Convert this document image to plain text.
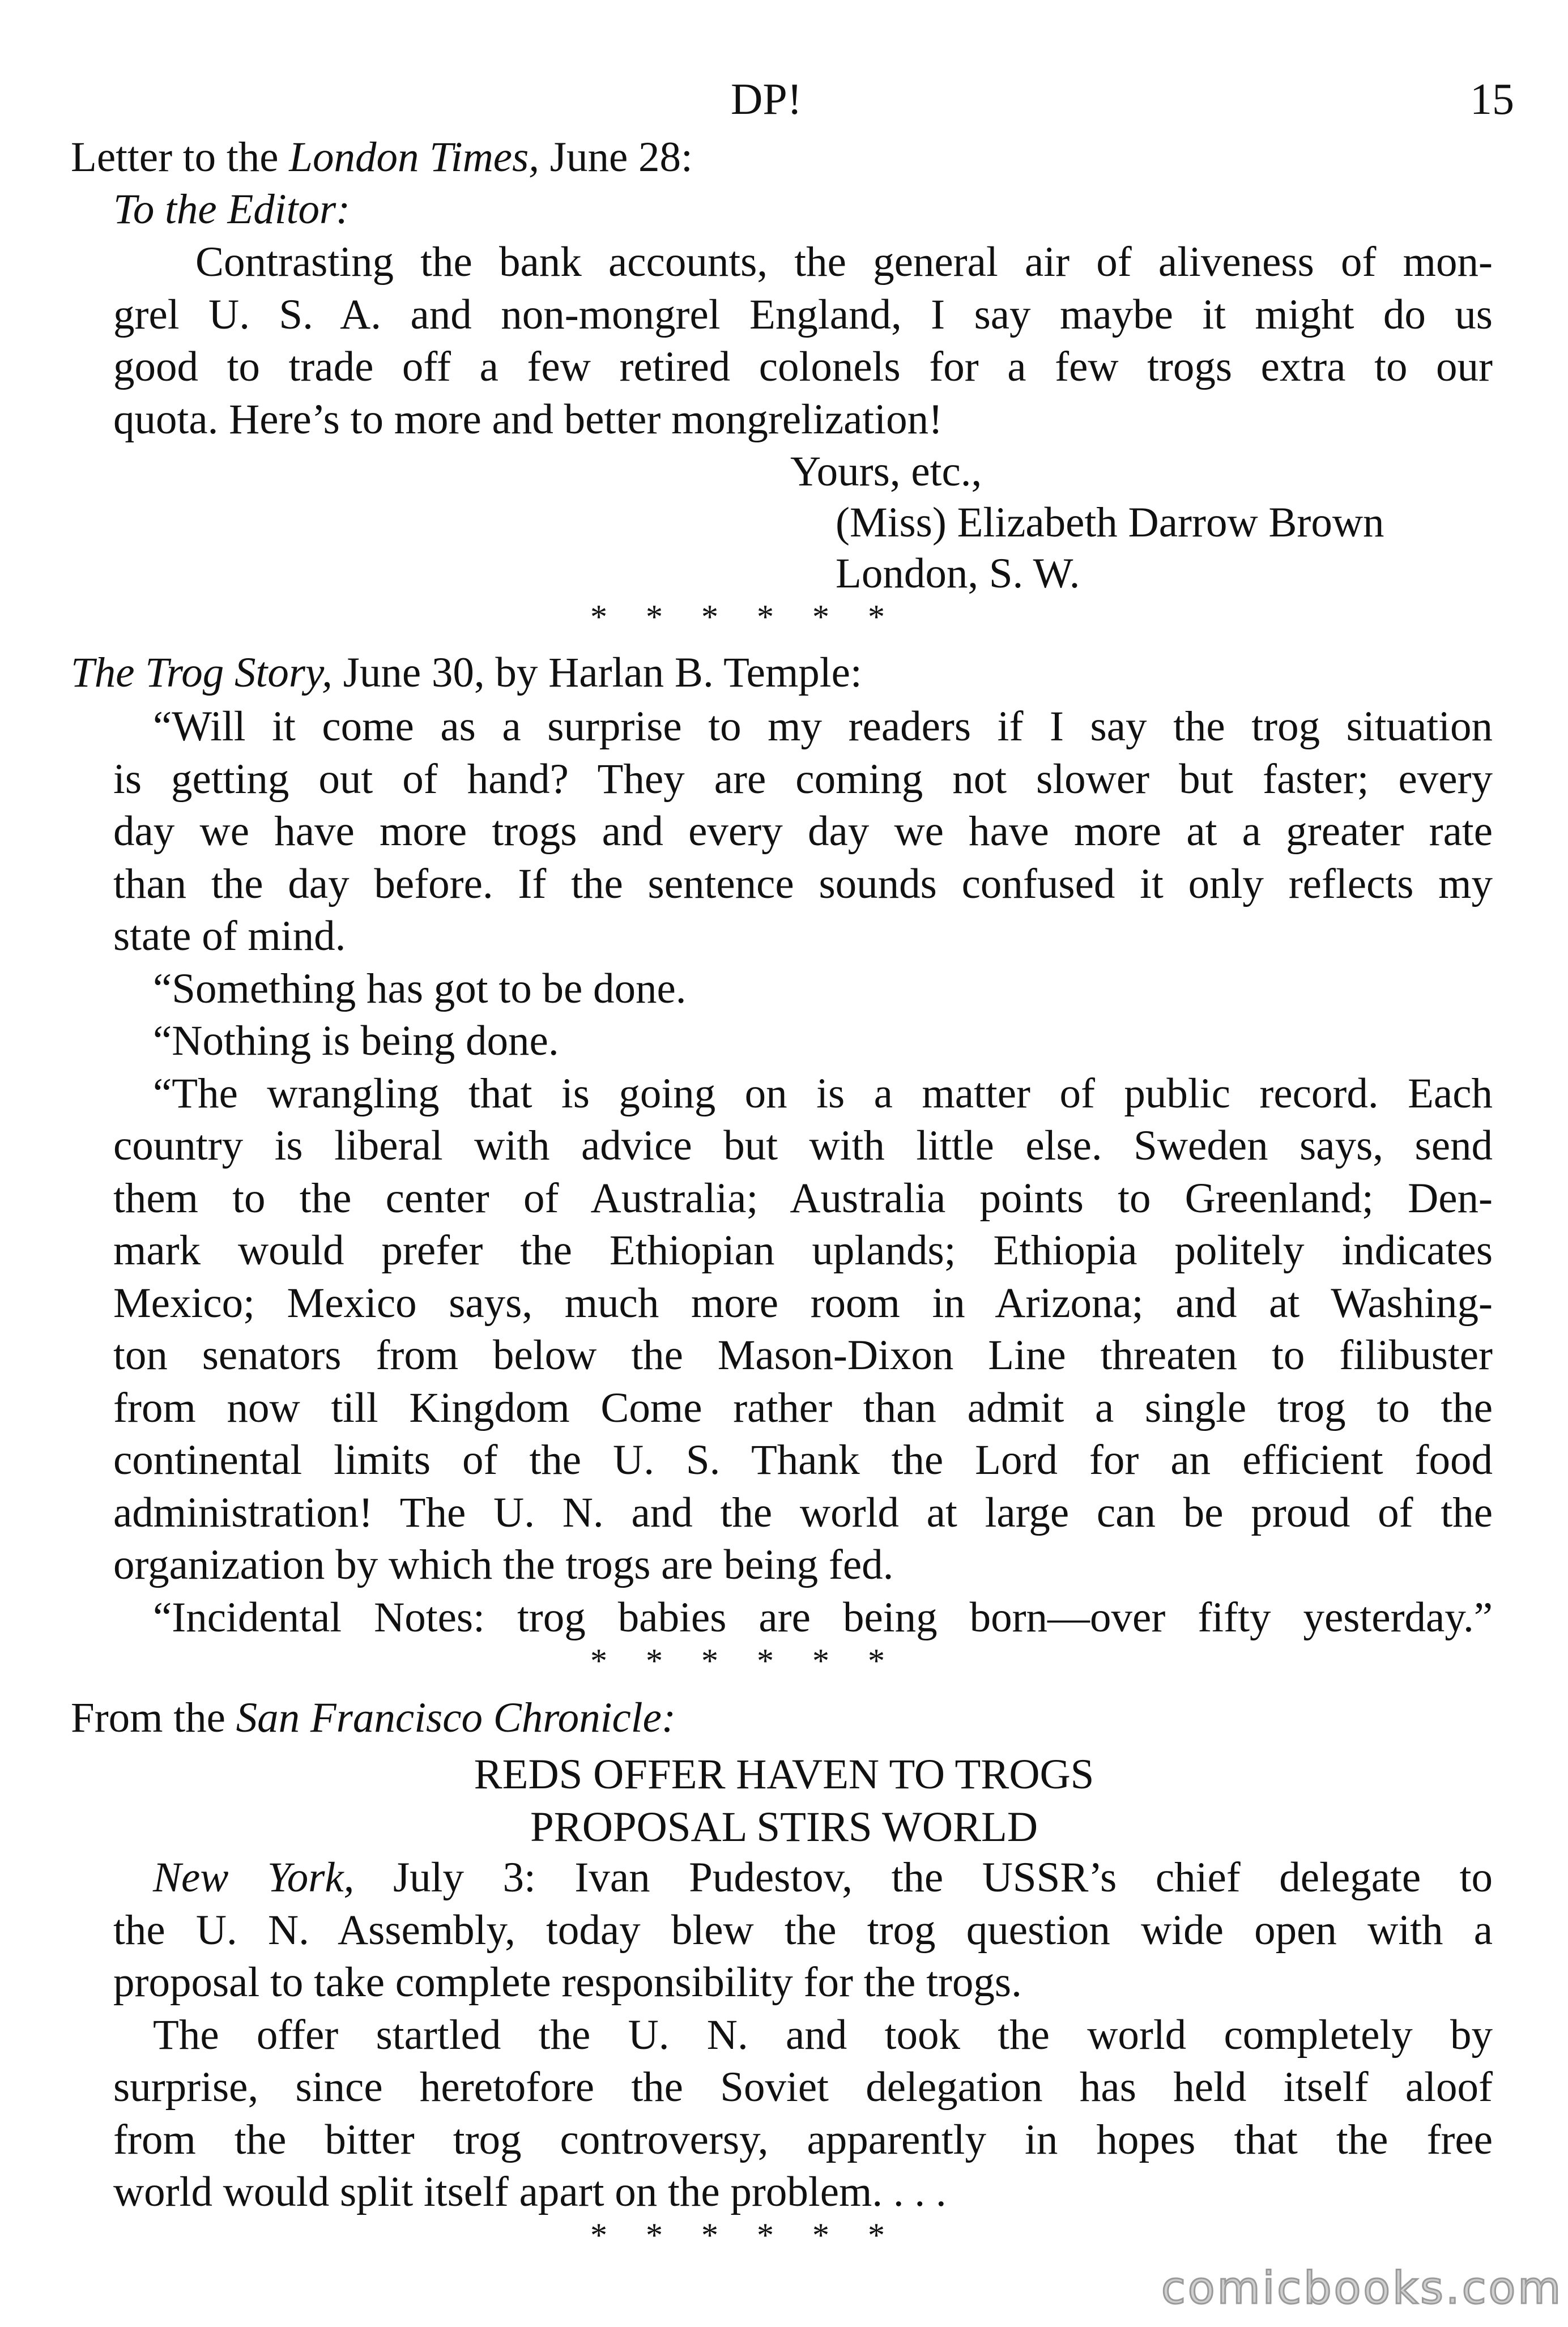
DP!	15
Letter to the London Times, June 28:
To the Editor:
Contrasting the bank accounts, the general air of aliveness of mon-
grel U. S. A. and non-mongrel England, I say maybe it might do us
good to trade off a few retired colonels for a few trogs extra to our
quota. Here’s to more and better mongrelization!
Yours, etc.,
(Miss) Elizabeth Darrow Brown
London, S. W.
* * * * * *
The Trog Story, June 30, by Harlan B. Temple:
“Will it come as a surprise to my readers if I say the trog situation
is getting out of hand? They are coming not slower but faster; every
day we have more trogs and every day we have more at a greater rate
than the day before. If the sentence sounds confused it only reflects my
state of mind.
“Something has got to be done.
“Nothing is being done.
“The wrangling that is going on is a matter of public record. Each
country is liberal with advice but with little else. Sweden says, send
them to the center of Australia; Australia points to Greenland; Den-
mark would prefer the Ethiopian uplands; Ethiopia politely indicates
Mexico; Mexico says, much more room in Arizona; and at Washing-
ton senators from below the Mason-Dixon Line threaten to filibuster
from now till Kingdom Come rather than admit a single trog to the
continental limits of the U. S. Thank the Lord for an efficient food
administration! The U. N. and the world at large can be proud of the
organization by which the trogs are being fed.
“Incidental Notes: trog babies are being born—over fifty yesterday.”
* * * * * *
From the San Francisco Chronicle:
REDS OFFER HAVEN TO TROGS
PROPOSAL STIRS WORLD
New York, July 3: Ivan Pudestov, the USSR’s chief delegate to
the U. N. Assembly, today blew the trog question wide open with a
proposal to take complete responsibility for the trogs.
The offer startled the U. N. and took the world completely by
surprise, since heretofore the Soviet delegation has held itself aloof
from the bitter trog controversy, apparently in hopes that the free
world would split itself apart on the problem. . . .
* * * * * *
comicbooks.com
